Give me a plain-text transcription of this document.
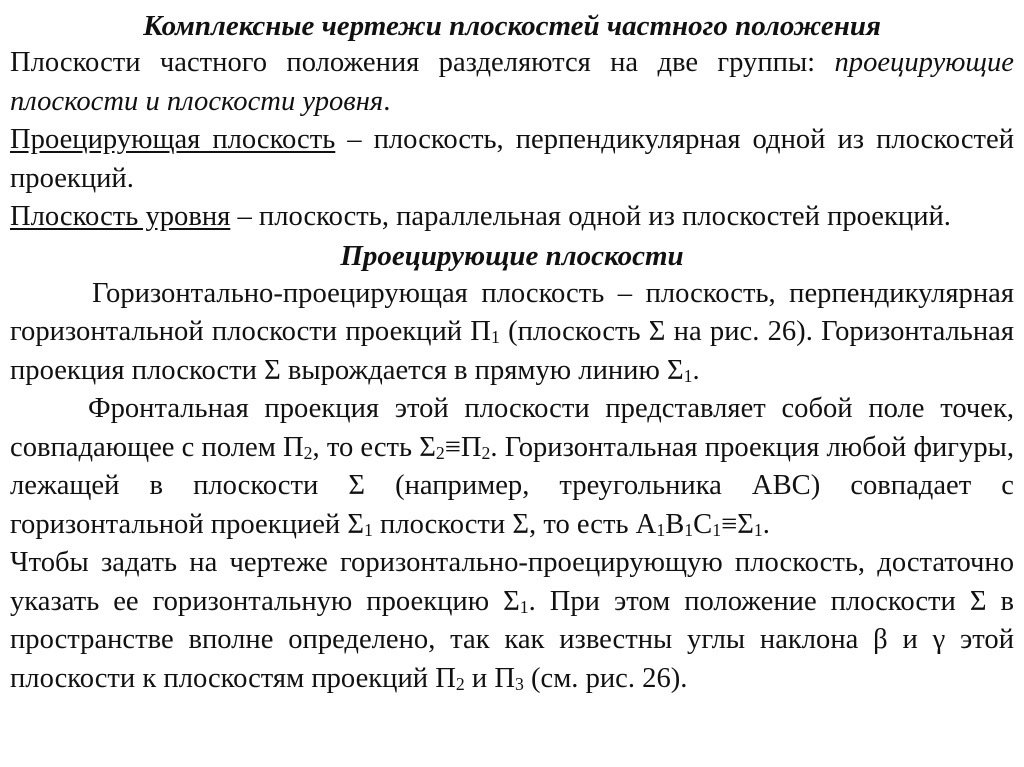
Комплексные чертежи плоскостей частного положения

Плоскости частного положения разделяются на две группы: проецирующие плоскости и плоскости уровня.

Проецирующая плоскость – плоскость, перпендикулярная одной из плоскостей проекций.

Плоскость уровня – плоскость, параллельная одной из плоскостей проекций.

Проецирующие плоскости

Горизонтально-проецирующая плоскость – плоскость, перпендикулярная горизонтальной плоскости проекций $П_1$ (плоскость Σ на рис. 26). Горизонтальная проекция плоскости Σ вырождается в прямую линию $\Sigma_1$.

Фронтальная проекция этой плоскости представляет собой поле точек, совпадающее с полем $П_2$, то есть $\Sigma_2\equiv П_2$. Горизонтальная проекция любой фигуры, лежащей в плоскости Σ (например, треугольника АВС) совпадает с горизонтальной проекцией $\Sigma_1$ плоскости Σ, то есть $А_1В_1С_1\equiv\Sigma_1$.

Чтобы задать на чертеже горизонтально-проецирующую плоскость, достаточно указать ее горизонтальную проекцию $\Sigma_1$. При этом положение плоскости Σ в пространстве вполне определено, так как известны углы наклона β и γ этой плоскости к плоскостям проекций $П_2$ и $П_3$ (см. рис. 26).
